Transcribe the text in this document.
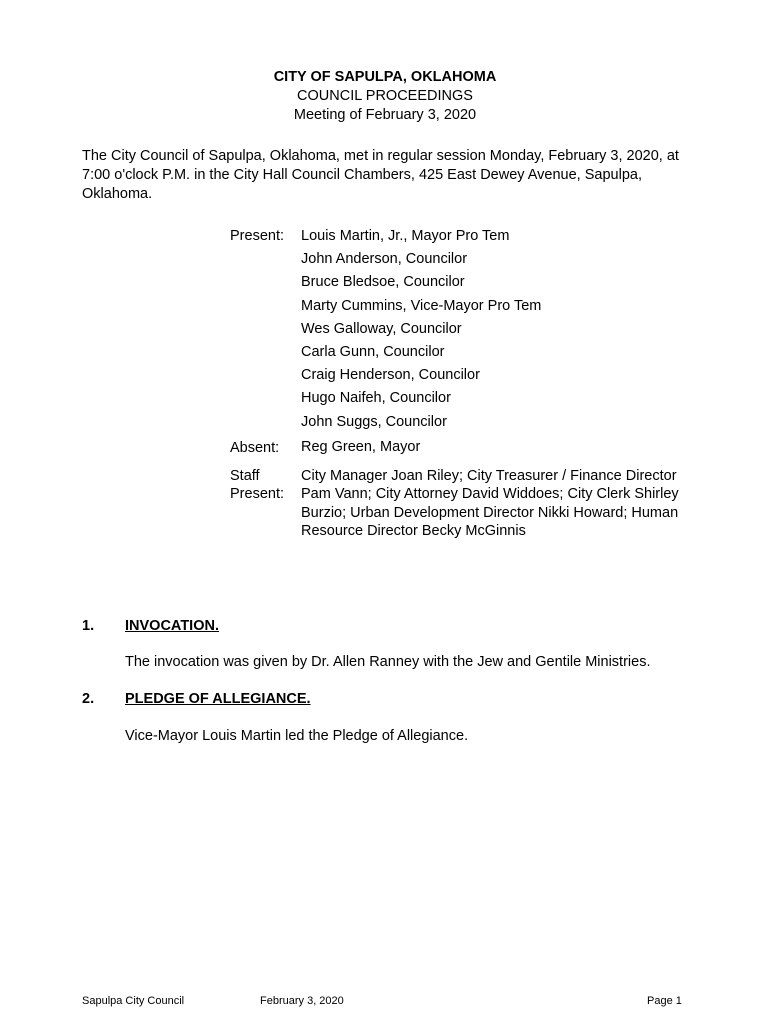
CITY OF SAPULPA, OKLAHOMA
COUNCIL PROCEEDINGS
Meeting of February 3, 2020
The City Council of Sapulpa, Oklahoma, met in regular session Monday, February 3, 2020, at 7:00 o'clock P.M. in the City Hall Council Chambers, 425 East Dewey Avenue, Sapulpa, Oklahoma.
Present: Louis Martin, Jr., Mayor Pro Tem
John Anderson, Councilor
Bruce Bledsoe, Councilor
Marty Cummins, Vice-Mayor Pro Tem
Wes Galloway, Councilor
Carla Gunn, Councilor
Craig Henderson, Councilor
Hugo Naifeh, Councilor
John Suggs, Councilor
Absent: Reg Green, Mayor
Staff
Present:
City Manager Joan Riley; City Treasurer / Finance Director Pam Vann; City Attorney David Widdoes; City Clerk Shirley Burzio; Urban Development Director Nikki Howard; Human Resource Director Becky McGinnis
1. INVOCATION.
The invocation was given by Dr. Allen Ranney with the Jew and Gentile Ministries.
2. PLEDGE OF ALLEGIANCE.
Vice-Mayor Louis Martin led the Pledge of Allegiance.
Sapulpa City Council	February 3, 2020	Page 1
